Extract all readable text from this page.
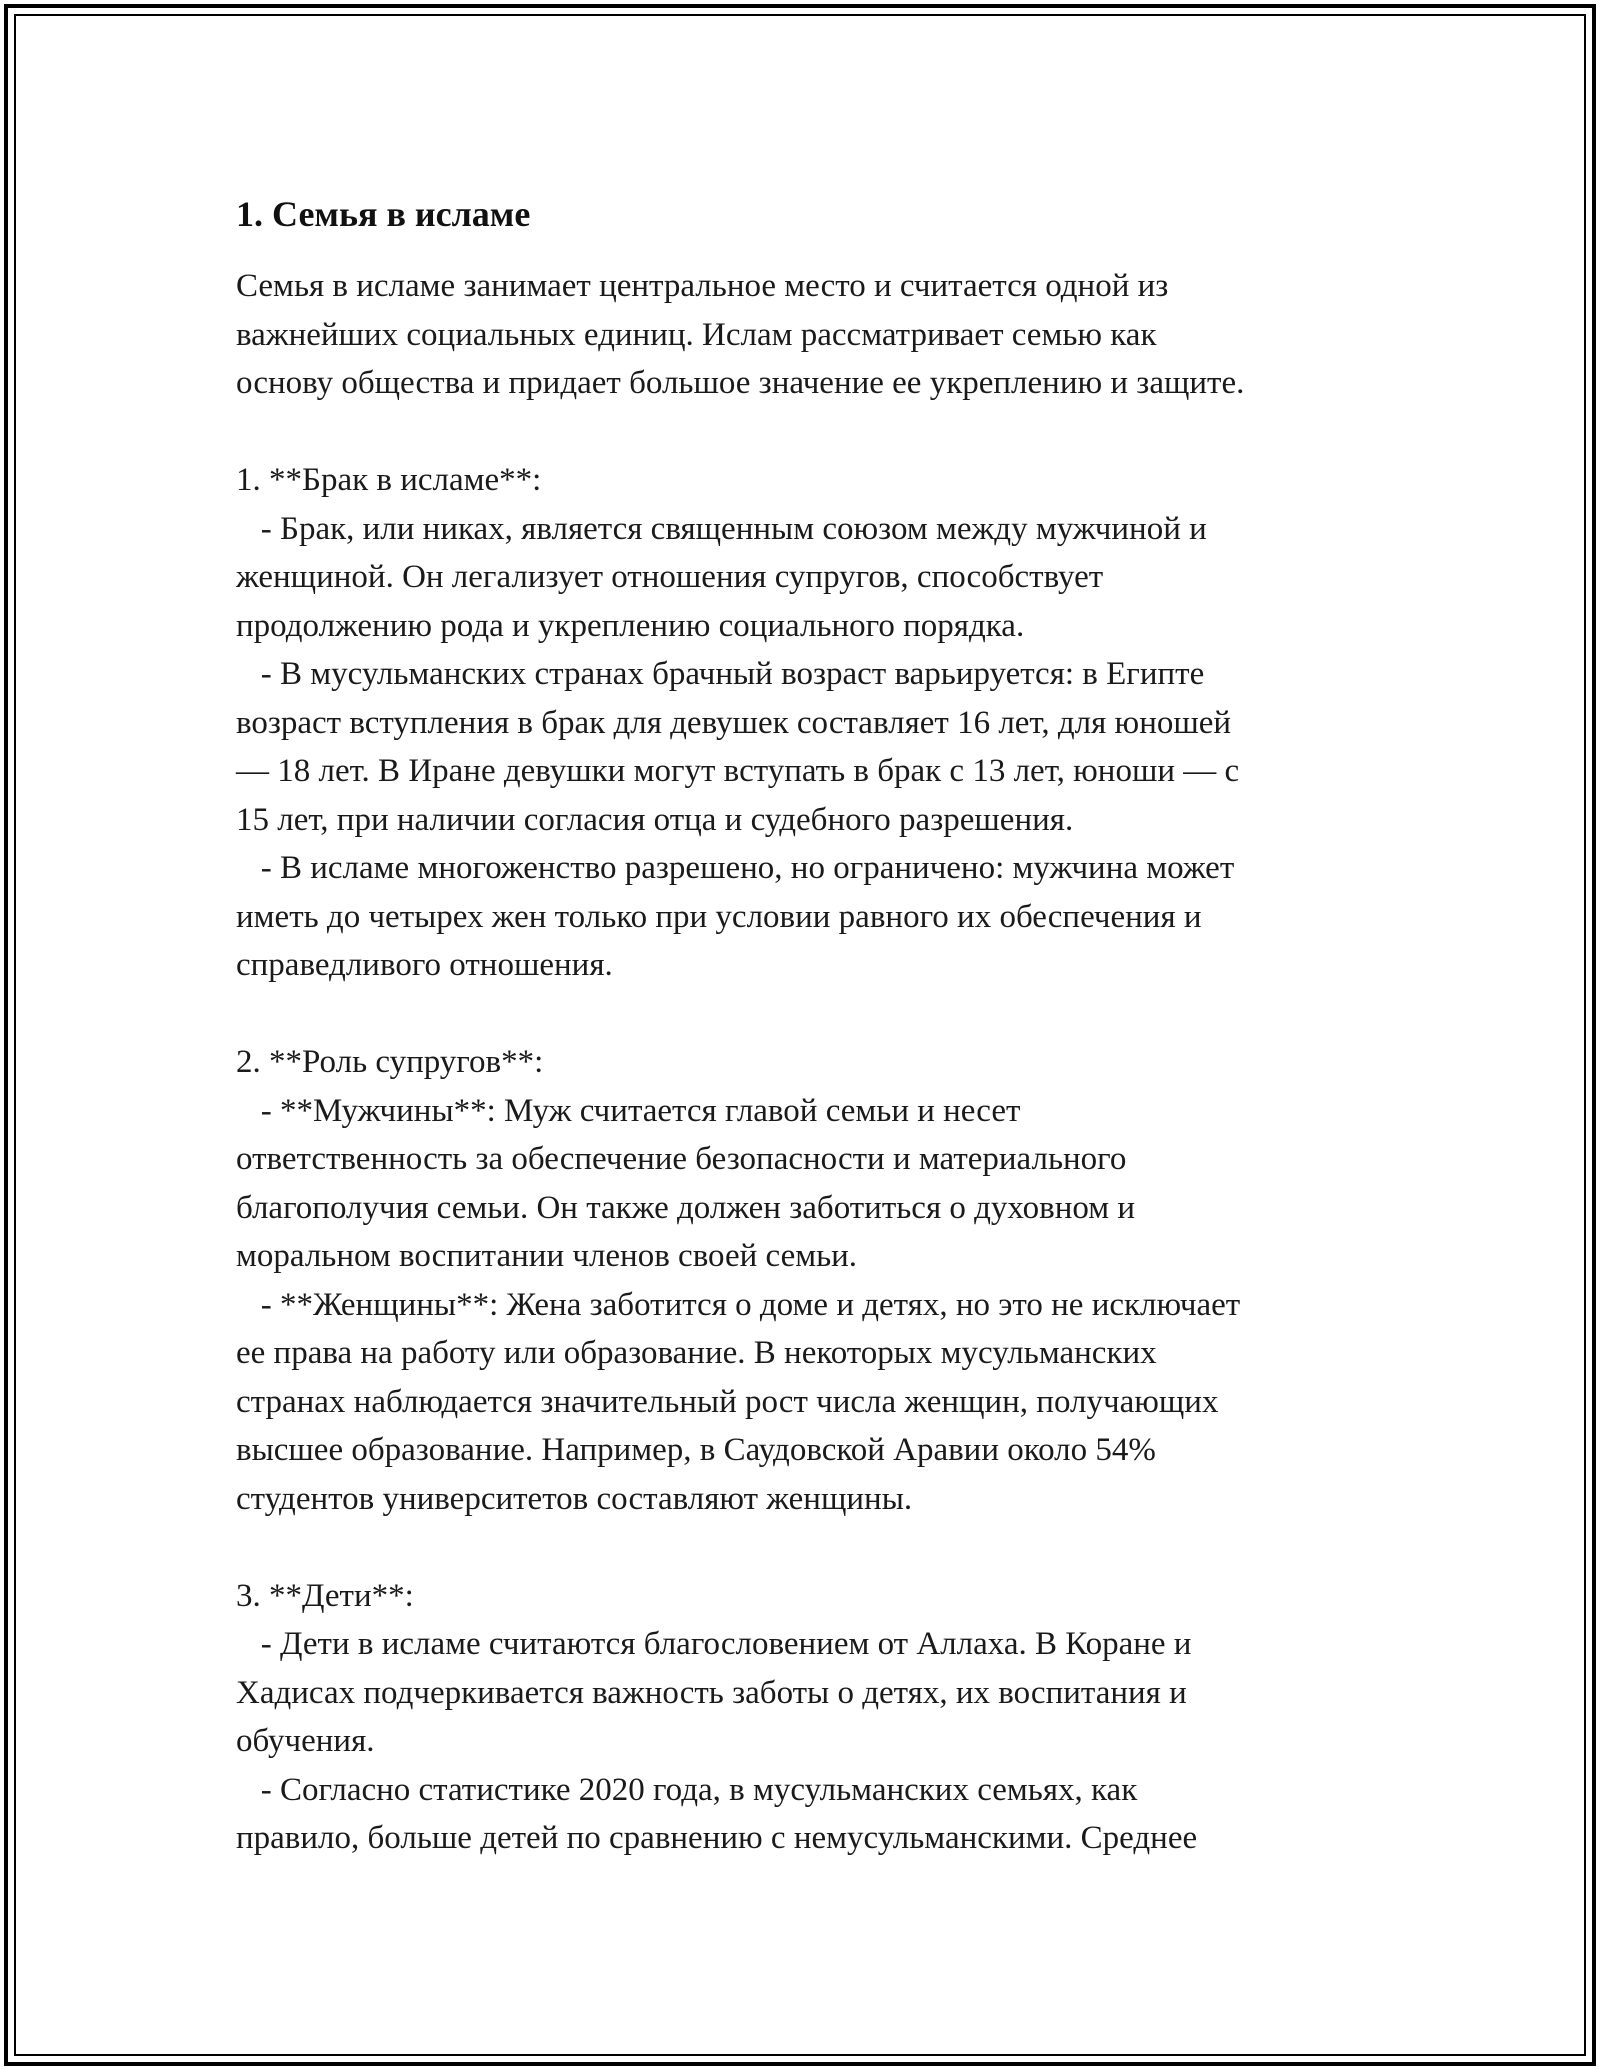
1. Семья в исламе

Семья в исламе занимает центральное место и считается одной из
важнейших социальных единиц. Ислам рассматривает семью как
основу общества и придает большое значение ее укреплению и защите.

1. **Брак в исламе**:
- Брак, или никах, является священным союзом между мужчиной и
женщиной. Он легализует отношения супругов, способствует
продолжению рода и укреплению социального порядка.
- В мусульманских странах брачный возраст варьируется: в Египте
возраст вступления в брак для девушек составляет 16 лет, для юношей
— 18 лет. В Иране девушки могут вступать в брак с 13 лет, юноши — с
15 лет, при наличии согласия отца и судебного разрешения.
- В исламе многоженство разрешено, но ограничено: мужчина может
иметь до четырех жен только при условии равного их обеспечения и
справедливого отношения.
2. **Роль супругов**:
- **Мужчины**: Муж считается главой семьи и несет
ответственность за обеспечение безопасности и материального
благополучия семьи. Он также должен заботиться о духовном и
моральном воспитании членов своей семьи.
- **Женщины**: Жена заботится о доме и детях, но это не исключает
ее права на работу или образование. В некоторых мусульманских
странах наблюдается значительный рост числа женщин, получающих
высшее образование. Например, в Саудовской Аравии около 54%
студентов университетов составляют женщины.
3. **Дети**:
- Дети в исламе считаются благословением от Аллаха. В Коране и
Хадисах подчеркивается важность заботы о детях, их воспитания и
обучения.
- Согласно статистике 2020 года, в мусульманских семьях, как
правило, больше детей по сравнению с немусульманскими. Среднее
